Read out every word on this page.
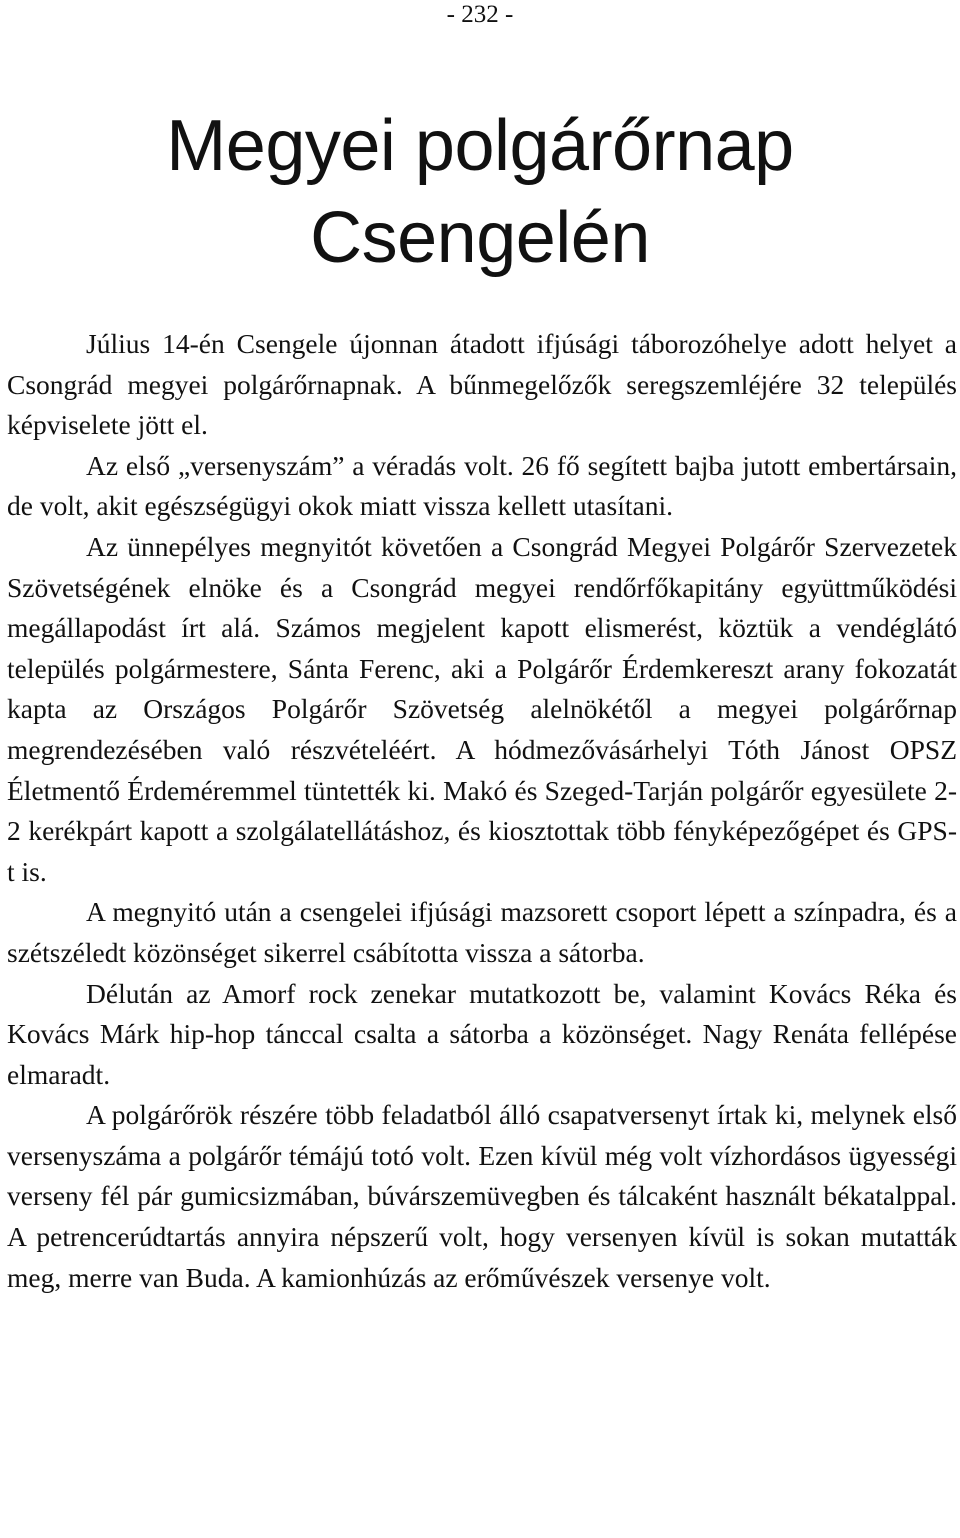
- 232 -
Megyei polgárőrnap
Csengelén

Július 14-én Csengele újonnan átadott ifjúsági táborozóhelye adott helyet a Csongrád megyei polgárőrnapnak. A bűnmegelőzők seregszemléjére 32 település képviselete jött el.

Az első „versenyszám” a véradás volt. 26 fő segített bajba jutott embertársain, de volt, akit egészségügyi okok miatt vissza kellett utasítani.

Az ünnepélyes megnyitót követően a Csongrád Megyei Polgárőr Szervezetek Szövetségének elnöke és a Csongrád megyei rendőrfőkapitány együttműködési megállapodást írt alá. Számos megjelent kapott elismerést, köztük a vendéglátó település polgármestere, Sánta Ferenc, aki a Polgárőr Érdemkereszt arany fokozatát kapta az Országos Polgárőr Szövetség alelnökétől a megyei polgárőrnap megrendezésében való részvételéért. A hódmezővásárhelyi Tóth Jánost OPSZ Életmentő Érdeméremmel tüntették ki. Makó és Szeged-Tarján polgárőr egyesülete 2-2 kerékpárt kapott a szolgálatellátáshoz, és kiosztottak több fényképezőgépet és GPS-t is.

A megnyitó után a csengelei ifjúsági mazsorett csoport lépett a színpadra, és a szétszéledt közönséget sikerrel csábította vissza a sátorba.

Délután az Amorf rock zenekar mutatkozott be, valamint Kovács Réka és Kovács Márk hip-hop tánccal csalta a sátorba a közönséget. Nagy Renáta fellépése elmaradt.

A polgárőrök részére több feladatból álló csapatversenyt írtak ki, melynek első versenyszáma a polgárőr témájú totó volt. Ezen kívül még volt vízhordásos ügyességi verseny fél pár gumicsizmában, búvárszemüvegben és tálcaként használt békatalppal. A petrencerúdtartás annyira népszerű volt, hogy versenyen kívül is sokan mutatták meg, merre van Buda. A kamionhúzás az erőművészek versenye volt.
